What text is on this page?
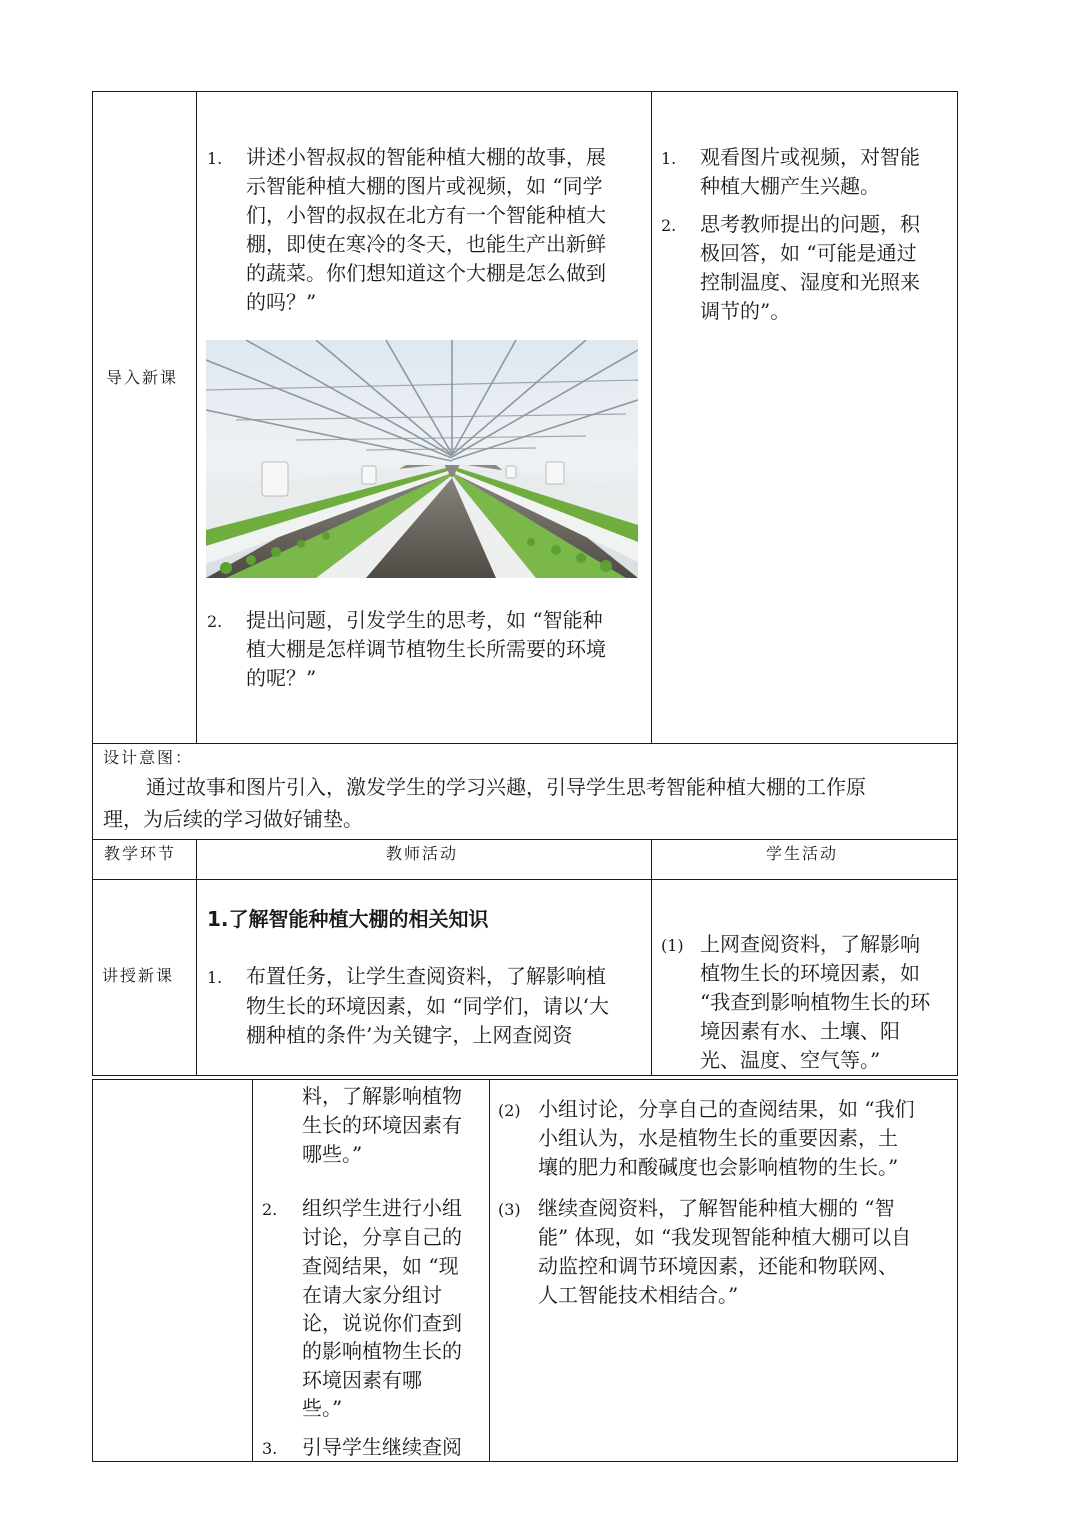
导入新课
1. 讲述小智叔叔的智能种植大棚的故事，展
示智能种植大棚的图片或视频，如 “同学
们，小智的叔叔在北方有一个智能种植大
棚，即使在寒冷的冬天，也能生产出新鲜
的蔬菜。你们想知道这个大棚是怎么做到
的吗？”
2. 提出问题，引发学生的思考，如 “智能种
植大棚是怎样调节植物生长所需要的环境
的呢？”
1. 观看图片或视频，对智能
种植大棚产生兴趣。
2. 思考教师提出的问题，积
极回答，如 “可能是通过
控制温度、湿度和光照来
调节的”。
设计意图：
通过故事和图片引入，激发学生的学习兴趣，引导学生思考智能种植大棚的工作原
理，为后续的学习做好铺垫。
教学环节	教师活动	学生活动
讲授新课
1.了解智能种植大棚的相关知识
1. 布置任务，让学生查阅资料，了解影响植
物生长的环境因素，如 “同学们，请以‘大
棚种植的条件’为关键字，上网查阅资
(1) 上网查阅资料，了解影响
植物生长的环境因素，如
“我查到影响植物生长的环
境因素有水、土壤、阳
光、温度、空气等。”
料，了解影响植物
生长的环境因素有
哪些。”
2. 组织学生进行小组
讨论，分享自己的
查阅结果，如 “现
在请大家分组讨
论，说说你们查到
的影响植物生长的
环境因素有哪
些。”
3. 引导学生继续查阅
(2) 小组讨论，分享自己的查阅结果，如 “我们
小组认为，水是植物生长的重要因素，土
壤的肥力和酸碱度也会影响植物的生长。”
(3) 继续查阅资料，了解智能种植大棚的 “智
能” 体现，如 “我发现智能种植大棚可以自
动监控和调节环境因素，还能和物联网、
人工智能技术相结合。”
